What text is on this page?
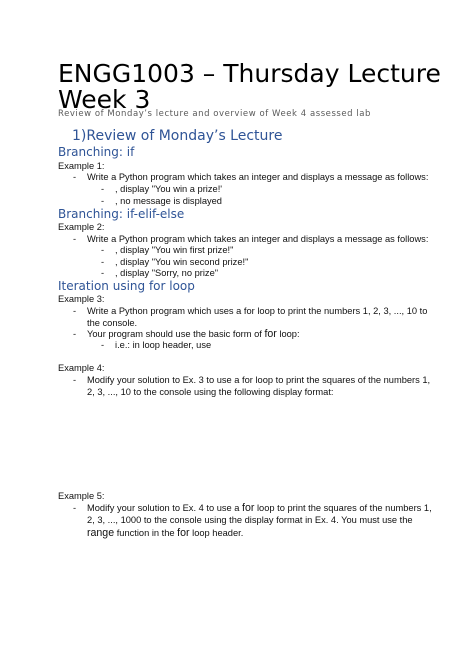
ENGG1003 – Thursday Lecture
Week 3
Review of Monday’s lecture and overview of Week 4 assessed lab
1)Review of Monday’s Lecture
Branching: if
Example 1:
- Write a Python program which takes an integer and displays a message as follows:
- , display "You win a prize!'
- , no message is displayed
Branching: if-elif-else
Example 2:
- Write a Python program which takes an integer and displays a message as follows:
- , display "You win first prize!"
- , display "You win second prize!"
- , display "Sorry, no prize"
Iteration using for loop
Example 3:
- Write a Python program which uses a for loop to print the numbers 1, 2, 3, ..., 10 to
the console.
- Your program should use the basic form of for loop:
- i.e.: in loop header, use
Example 4:
- Modify your solution to Ex. 3 to use a for loop to print the squares of the numbers 1,
2, 3, ..., 10 to the console using the following display format:
Example 5:
- Modify your solution to Ex. 4 to use a for loop to print the squares of the numbers 1,
2, 3, ..., 1000 to the console using the display format in Ex. 4. You must use the
range function in the for loop header.
